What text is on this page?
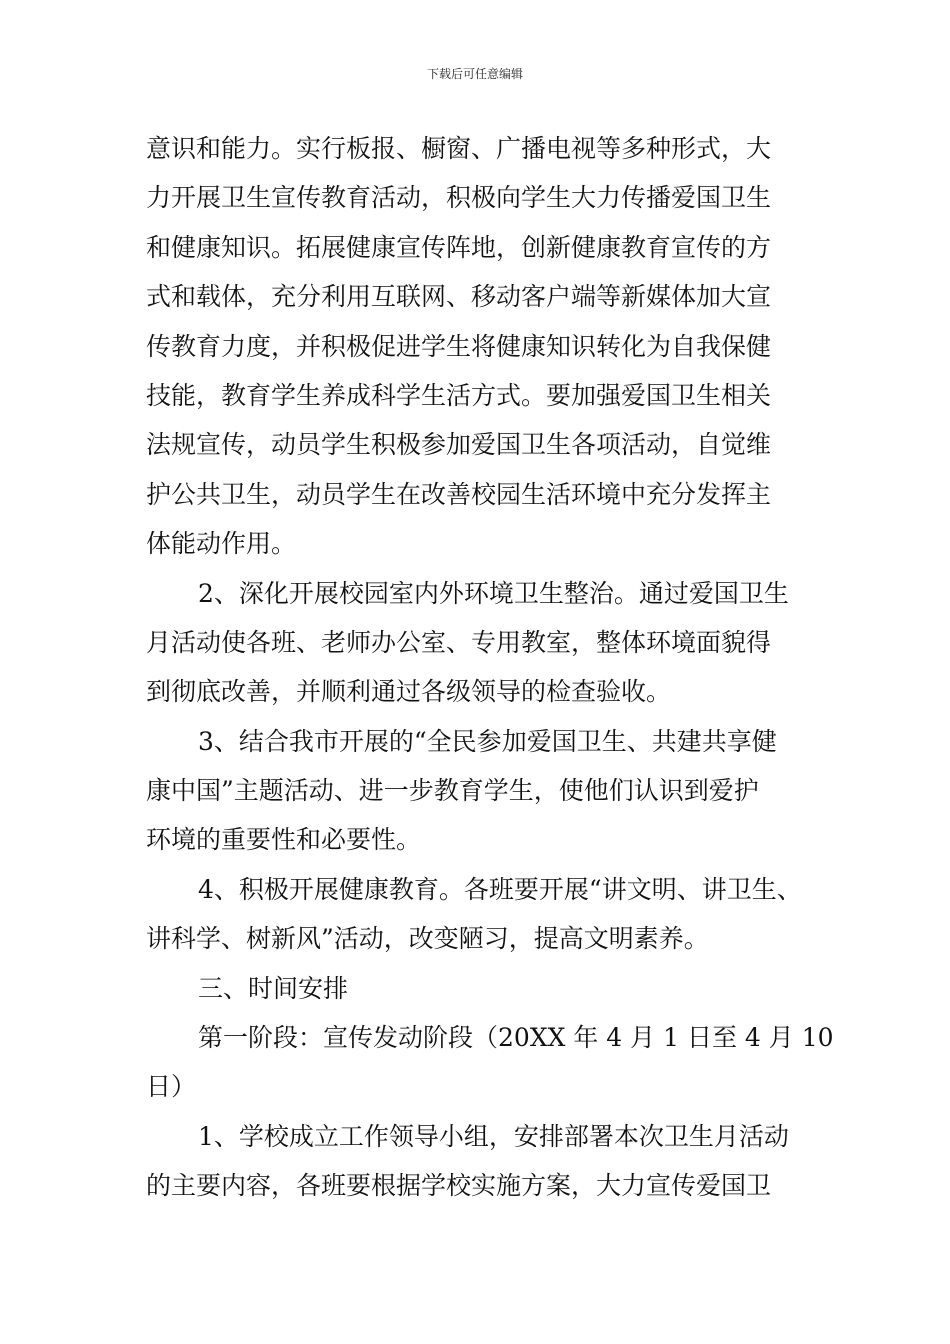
下载后可任意编辑
意识和能力。实行板报、橱窗、广播电视等多种形式，大
力开展卫生宣传教育活动，积极向学生大力传播爱国卫生
和健康知识。拓展健康宣传阵地，创新健康教育宣传的方
式和载体，充分利用互联网、移动客户端等新媒体加大宣
传教育力度，并积极促进学生将健康知识转化为自我保健
技能，教育学生养成科学生活方式。要加强爱国卫生相关
法规宣传，动员学生积极参加爱国卫生各项活动，自觉维
护公共卫生，动员学生在改善校园生活环境中充分发挥主
体能动作用。
2、深化开展校园室内外环境卫生整治。通过爱国卫生
月活动使各班、老师办公室、专用教室，整体环境面貌得
到彻底改善，并顺利通过各级领导的检查验收。
3、结合我市开展的“全民参加爱国卫生、共建共享健
康中国”主题活动、进一步教育学生，使他们认识到爱护
环境的重要性和必要性。
4、积极开展健康教育。各班要开展“讲文明、讲卫生、
讲科学、树新风”活动，改变陋习，提高文明素养。
三、时间安排
第一阶段：宣传发动阶段（20XX 年 4 月 1 日至 4 月 10
日）
1、学校成立工作领导小组，安排部署本次卫生月活动
的主要内容，各班要根据学校实施方案，大力宣传爱国卫
